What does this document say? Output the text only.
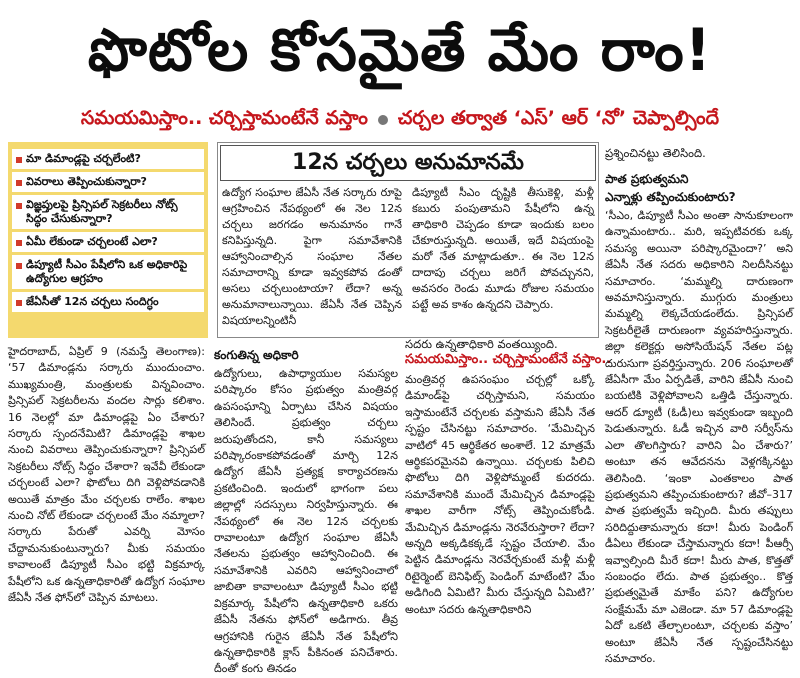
ఫొటోల కోసమైతే మేం రాం!
సమయమిస్తాం.. చర్చిస్తామంటేనే వస్తాం చర్చల తర్వాత ‘ఎస్’ ఆర్ ‘నో’ చెప్పాల్సిందే
మా డిమాండ్లపై చర్చలేంటి?
వివరాలు తెప్పించుకున్నారా?
విజ్ఞప్తులపై ప్రిన్సిపల్ సెక్రటరీలు నోట్స్ సిద్ధం చేసుకున్నారా?
ఏమీ లేకుండా చర్చలంటే ఎలా?
డిప్యూటీ సీఎం పేషీలోని ఒక అధికారిపై ఉద్యోగుల ఆగ్రహం
జేఏసీతో 12న చర్చలు సందిగ్ధం
12న చర్చలు అనుమానమే

ఉద్యోగ సంఘాల జేఏసీ నేత సర్కారు రూపై ఆగ్రహించిన నేపథ్యంలో ఈ నెల 12న చర్చలు జరగడం అనుమానం గానే కనిపిస్తున్నది. పైగా సమావేశానికి ఆహ్వానించాల్సిన సంఘాల నేతల సమాచారాన్ని కూడా ఇవ్వకపోవ డంతో అసలు చర్చలుంటాయా? లేదా? అన్న అనుమానాలున్నాయి. జేఏసీ నేత చెప్పిన విషయాలన్నింటినీ

డిప్యూటీ సీఎం దృష్టికి తీసుకెళ్లి, మళ్లీ కబురు పంపుతామని పేషీలోని ఉన్న తాధికారి చెప్పడం కూడా ఇందుకు బలం చేకూరుస్తున్నది. అయితే, ఇదే విషయంపై మరో నేత మాట్లాడుతూ.. ఈ నెల 12న దాదాపు చర్చలు జరిగే పోవచ్చునని, అవసరం రెండు మూడు రోజుల సమయం పట్టే అవ కాశం ఉన్నదని చెప్పారు.

ప్రశ్నించినట్టు తెలిసింది.

హైదరాబాద్, ఏప్రిల్ 9 (నమస్తే తెలంగాణ): ‘57 డిమాండ్లను సర్కారు ముందుంచాం. ముఖ్యమంత్రి, మంత్రులకు విన్నవించాం. ప్రిన్సిపల్ సెక్రటరీలను వందల సార్లు కలిశాం. 16 నెలల్లో మా డిమాండ్లపై ఏం చేశారు? సర్కారు స్పందనేమిటి? డిమాండ్లపై శాఖల నుంచి వివరాలు తెప్పించుకున్నారా? ప్రిన్సిపల్ సెక్రటరీలు నోట్స్ సిద్ధం చేశారా? ఇవేవీ లేకుండా చర్చలంటే ఎలా? ఫొటోలు దిగి వెళ్లిపోవడానికి అయితే మాత్రం మేం చర్చలకు రాలేం. శాఖల నుంచి నోట్ లేకుండా చర్చలంటే మేం నమ్మాలా? సర్కారు పేరుతో ఎవర్ని మోసం చేద్దామనుకుంటున్నారు? మీకు సమయం కావాలంటే డిప్యూటీ సీఎం భట్టి విక్రమార్క పేషీలోని ఒక ఉన్నతాధికారితో ఉద్యోగ సంఘాల జేఏసీ నేత ఫోన్‌లో చెప్పిన మాటలు.

కంగుతిన్న అధికారి

ఉద్యోగులు, ఉపాధ్యాయుల సమస్యల పరిష్కారం కోసం ప్రభుత్వం మంత్రివర్గ ఉపసంఘాన్ని ఏర్పాటు చేసిన విషయం తెలిసిందే. ప్రభుత్వం చర్చలు జరుపుతోందని, కానీ సమస్యలు పరిష్కారంకాకపోవడంతో మార్చి 12న ఉద్యోగ జేఏసీ ప్రత్యక్ష కార్యాచరణను ప్రకటించింది. ఇందులో భాగంగా పలు జిల్లాల్లో సదస్సులు నిర్వహిస్తున్నారు. ఈ నేపథ్యంలో ఈ నెల 12న చర్చలకు రావాలంటూ ఉద్యోగ సంఘాల జేఏసీ నేతలను ప్రభుత్వం ఆహ్వానించింది. ఈ సమావేశానికి ఎవరిని ఆహ్వానించాలో జాబితా కావాలంటూ డిప్యూటీ సీఎం భట్టి విక్రమార్క పేషీలోని ఉన్నతాధికారి ఒకరు జేఏసీ నేతను ఫోన్‌లో అడిగారు. తీవ్ర ఆగ్రహానికి గురైన జేఏసీ నేత పేషీలోని ఉన్నతాధికారికి క్లాస్ పీకినంత పనిచేశారు. దీంతో కంగు తినడం

సదరు ఉన్నతాధికారి వంతయ్యింది.

సమయమిస్తాం.. చర్చిస్తామంటేనే వస్తాం..

మంత్రివర్గ ఉపసంఘం చర్చల్లో ఒక్కో డిమాండ్‌పై చర్చిస్తామని, సమయం ఇస్తామంటేనే చర్చలకు వస్తామని జేఏసీ నేత స్పష్టం చేసినట్టు సమాచారం. ‘మేమిచ్చిన వాటిలో 45 ఆర్థికేతర అంశాలే. 12 మాత్రమే ఆర్థికపరమైనవి ఉన్నాయి. చర్చలకు పిలిచి ఫొటోలు దిగి వెళ్లిపోమ్మంటే కుదరదు. సమావేశానికి ముందే మేమిచ్చిన డిమాండ్లపై శాఖల వారీగా నోట్స్ తెప్పించుకోండి. మేమిచ్చిన డిమాండ్లను నెరవేరుస్తారా? లేదా? అన్నది అక్కడికక్కడే స్పష్టం చేయాలి. మేం పెట్టిన డిమాండ్లను నెరవేర్చకుంటే మళ్లీ మళ్లీ రిటైర్మెంట్ బెనిఫిట్స్ పెండింగ్ మాటేంటి? మేం అడిగింది ఏమిటి? మీరు చేస్తున్నది ఏమిటి?’ అంటూ సదరు ఉన్నతాధికారిని

పాత ప్రభుత్వమని
ఎన్నాళ్లు తప్పించుకుంటారు?

‘సీఎం, డిప్యూటీ సీఎం అంతా సానుకూలంగా ఉన్నామంటారు.. మరి, ఇప్పటివరకు ఒక్క సమస్య అయినా పరిష్కారమైందా?’ అని జేఏసీ నేత సదరు అధికారిని నిలదీసినట్టు సమాచారం. ‘మమ్మల్ని దారుణంగా అవమానిస్తున్నారు. ముగ్గురు మంత్రులు మమ్మల్ని లెక్కచేయడంలేదు. ప్రిన్సిపల్ సెక్రటరీలైతే దారుణంగా వ్యవహరిస్తున్నారు. జిల్లా కలెక్టర్లు అసోసియేషన్ నేతల పట్ల దురుసుగా ప్రవర్తిస్తున్నారు. 206 సంఘాలతో జేఏసీగా మేం ఏర్పడితే, వారిని జేఏసీ నుంచి బయటికి వెళ్లిపోవాలని ఒత్తిడి చేస్తున్నారు. ఆదర్ డ్యూటీ (ఓడీ)లు ఇవ్వకుండా ఇబ్బంది పెడుతున్నారు. ఓడీ ఇచ్చిన వారి సర్వీస్‌ను ఎలా తొలగిస్తారు? వారిని ఏం చేశారు?’ అంటూ తన ఆవేదనను వెళ్లగక్కినట్టు తెలిసింది. ‘ఇంకా ఎంతకాలం పాత ప్రభుత్వమని తప్పించుకుంటారు? జీవో–317 పాత ప్రభుత్వమే ఇచ్చింది. మీరు తప్పులు సరిదిద్దుతామన్నారు కదా! మీరు పెండింగ్ డీఏలు లేకుండా చేస్తామన్నారు కదా! పీఆర్సీ ఇవ్వాల్సింది మీరే కదా! మీరు పాత, కొత్తతో సంబంధం లేదు. పాత ప్రభుత్వం.. కొత్త ప్రభుత్వమైతే మాకేం పని? ఉద్యోగుల సంక్షేమమే మా ఎజెండా. మా 57 డిమాండ్లపై ఏదో ఒకటి తేల్చాలంటూ, చర్చలకు వస్తాం’ అంటూ జేఏసీ నేత స్పష్టంచేసినట్టు సమాచారం.
